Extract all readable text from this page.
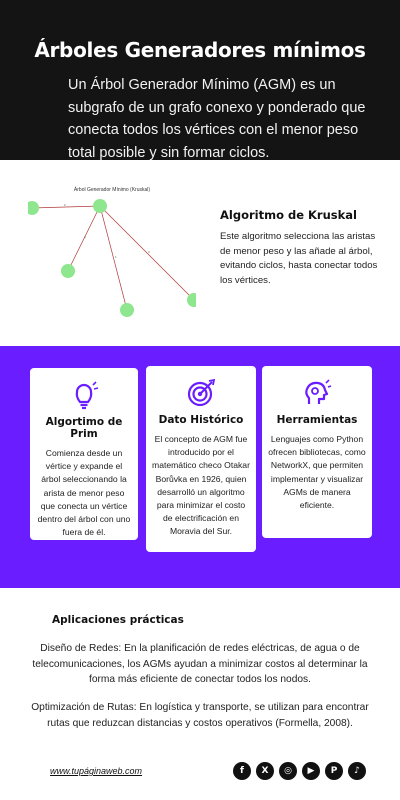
Árboles Generadores mínimos

Un Árbol Generador Mínimo (AGM) es un subgrafo de un grafo conexo y ponderado que conecta todos los vértices con el menor peso total posible y sin formar ciclos.

Árbol Generador Mínimo (Kruskal)
2
4
1
3
Algoritmo de Kruskal

Este algoritmo selecciona las aristas de menor peso y las añade al árbol, evitando ciclos, hasta conectar todos los vértices.

Algortimo de Prim

Comienza desde un vértice y expande el árbol seleccionando la arista de menor peso que conecta un vértice dentro del árbol con uno fuera de él.

Dato Histórico

El concepto de AGM fue introducido por el matemático checo Otakar Borůvka en 1926, quien desarrolló un algoritmo para minimizar el costo de electrificación en Moravia del Sur.

Herramientas

Lenguajes como Python ofrecen bibliotecas, como NetworkX, que permiten implementar y visualizar AGMs de manera eficiente.

Aplicaciones prácticas

Diseño de Redes: En la planificación de redes eléctricas, de agua o de telecomunicaciones, los AGMs ayudan a minimizar costos al determinar la forma más eficiente de conectar todos los nodos.

Optimización de Rutas: En logística y transporte, se utilizan para encontrar rutas que reduzcan distancias y costos operativos (Formella, 2008).

www.tupáginaweb.com	f	X	◎	▶	P	♪
